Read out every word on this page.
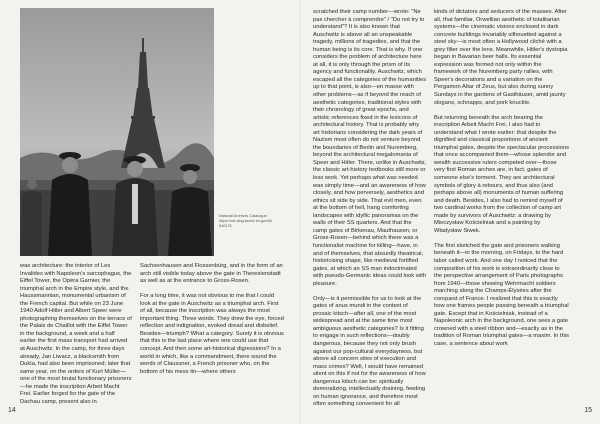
National Archives Catalogue, https://cat alog.archiv es.gov/id/ 540175

was architecture: the interior of Les Invalides with Napoleon's sarcophagus, the Eiffel Tower, the Opéra Garnier, the triumphal arch in the Empire style, and the Haussmannian, monumental urbanism of the French capital. But while on 23 June 1940 Adolf Hitler and Albert Speer were photographing themselves on the terrace of the Palais de Chaillot with the Eiffel Tower in the background, a week and a half earlier the first mass transport had arrived at Auschwitz. In the camp, for three days already, Jan Liwacz, a blacksmith from Dukla, had also been imprisoned; later that same year, on the orders of Kurt Müller—one of the most brutal functionary prisoners—he made the inscription Arbeit Macht Frei. Earlier forged for the gate of the Dachau camp, present also in

Sachsenhausen and Flossenbürg, and in the form of an arch still visible today above the gate in Theresienstadt as well as at the entrance to Gross-Rosen.

For a long time, it was not obvious to me that I could look at the gate in Auschwitz as a triumphal arch. First of all, because the inscription was always the most important thing. Three words. They drew the eye, forced reflection and indignation, evoked dread and disbelief. Besides—triumph? What a category. Surely it is obvious that this is the last place where one could use that concept. And then some art-historical digressions? In a world in which, like a commandment, there sound the words of Claussner, a French prisoner who, on the bottom of his mess tin—where others

14

scratched their camp number—wrote: "Ne pas chercher à comprendre" / "Do not try to understand"? It is also known that Auschwitz is above all an unspeakable tragedy, millions of tragedies, and that the human being is its core. That is why. If one considers the problem of architecture here at all, it is only through the prism of its agency and functionality. Auschwitz, which escaped all the categories of the humanities up to that point, is also—en masse with other problems—as if beyond the reach of aesthetic categories, traditional styles with their chronology of great epochs, and artistic references fixed in the lexicons of architectural history. That is probably why art historians considering the dark years of Nazism most often do not venture beyond the boundaries of Berlin and Nuremberg, beyond the architectural megalomania of Speer and Hitler. There, unlike in Auschwitz, the classic art-history textbooks still more or less work. Yet perhaps what was needed was simply time—and an awareness of how closely, and how perversely, aesthetics and ethics sit side by side. That evil men, even at the bottom of hell, hang comforting landscapes with idyllic panoramas on the walls of their SS quarters. And that the camp gates of Birkenau, Mauthausen, or Gross-Rosen—behind which there was a functionalist machine for killing—have, in and of themselves, that absurdly theatrical, historicising shape, like medieval fortified gates, at which an SS man indoctrinated with pseudo-Germanic ideas could look with pleasure.

Only—is it permissible for us to look at the gates of anus mundi in the context of prosaic kitsch—after all, one of the most widespread and at the same time most ambiguous aesthetic categories? Is it fitting to engage in such reflections—doubly dangerous, because they not only brush against our pop-cultural everydayness, but above all concern sites of execution and mass crimes? Well, I would have remained silent on this if not for the awareness of how dangerous kitsch can be: spiritually demoralizing, intellectually draining, feeding on human ignorance, and therefore most often something convenient for all

kinds of dictators and seducers of the masses. After all, that familiar, Orwellian aesthetic of totalitarian systems—the cinematic visions enclosed in dark concrete buildings invariably silhouetted against a steel sky—is most often a Hollywood cliché with a grey filter over the lens. Meanwhile, Hitler's dystopia began in Bavarian beer halls. Its essential expression was formed not only within the framework of the Nuremberg party rallies, with Speer's decorations and a variation on the Pergamon Altar of Zeus, but also during sunny Sundays in the gardens of Gasthäuser, amid jaunty slogans, schnapps, and pork knuckle.

But returning beneath the arch bearing the inscription Arbeit Macht Frei, I also had to understand what I wrote earlier: that despite the dignified and classical proportions of ancient triumphal gates, despite the spectacular processions that once accompanied them—whose splendor and wealth successive rulers competed over—those very first Roman arches are, in fact, gates of someone else's torment. They are architectural symbols of glory à rebours, and thus also (and perhaps above all) monuments of human suffering and death. Besides, I also had to remind myself of two cardinal works from the collection of camp art made by survivors of Auschwitz: a drawing by Mieczysław Kościelniak and a painting by Władysław Siwek.

The first sketched the gate and prisoners walking beneath it—in the morning, on Fridays, to the hard labor called work. And one day I noticed that the composition of his work is extraordinarily close to the perspective arrangement of Paris photographs from 1940—those showing Wehrmacht soldiers marching along the Champs-Élysées after the conquest of France. I realized that this is exactly how one frames people passing beneath a triumphal gate. Except that in Kościelniak, instead of a Napoleonic arch in the background, one sees a gate crowned with a steel ribbon and—exactly as in the tradition of Roman triumphal gates—a maxim. In this case, a sentence about work

15
